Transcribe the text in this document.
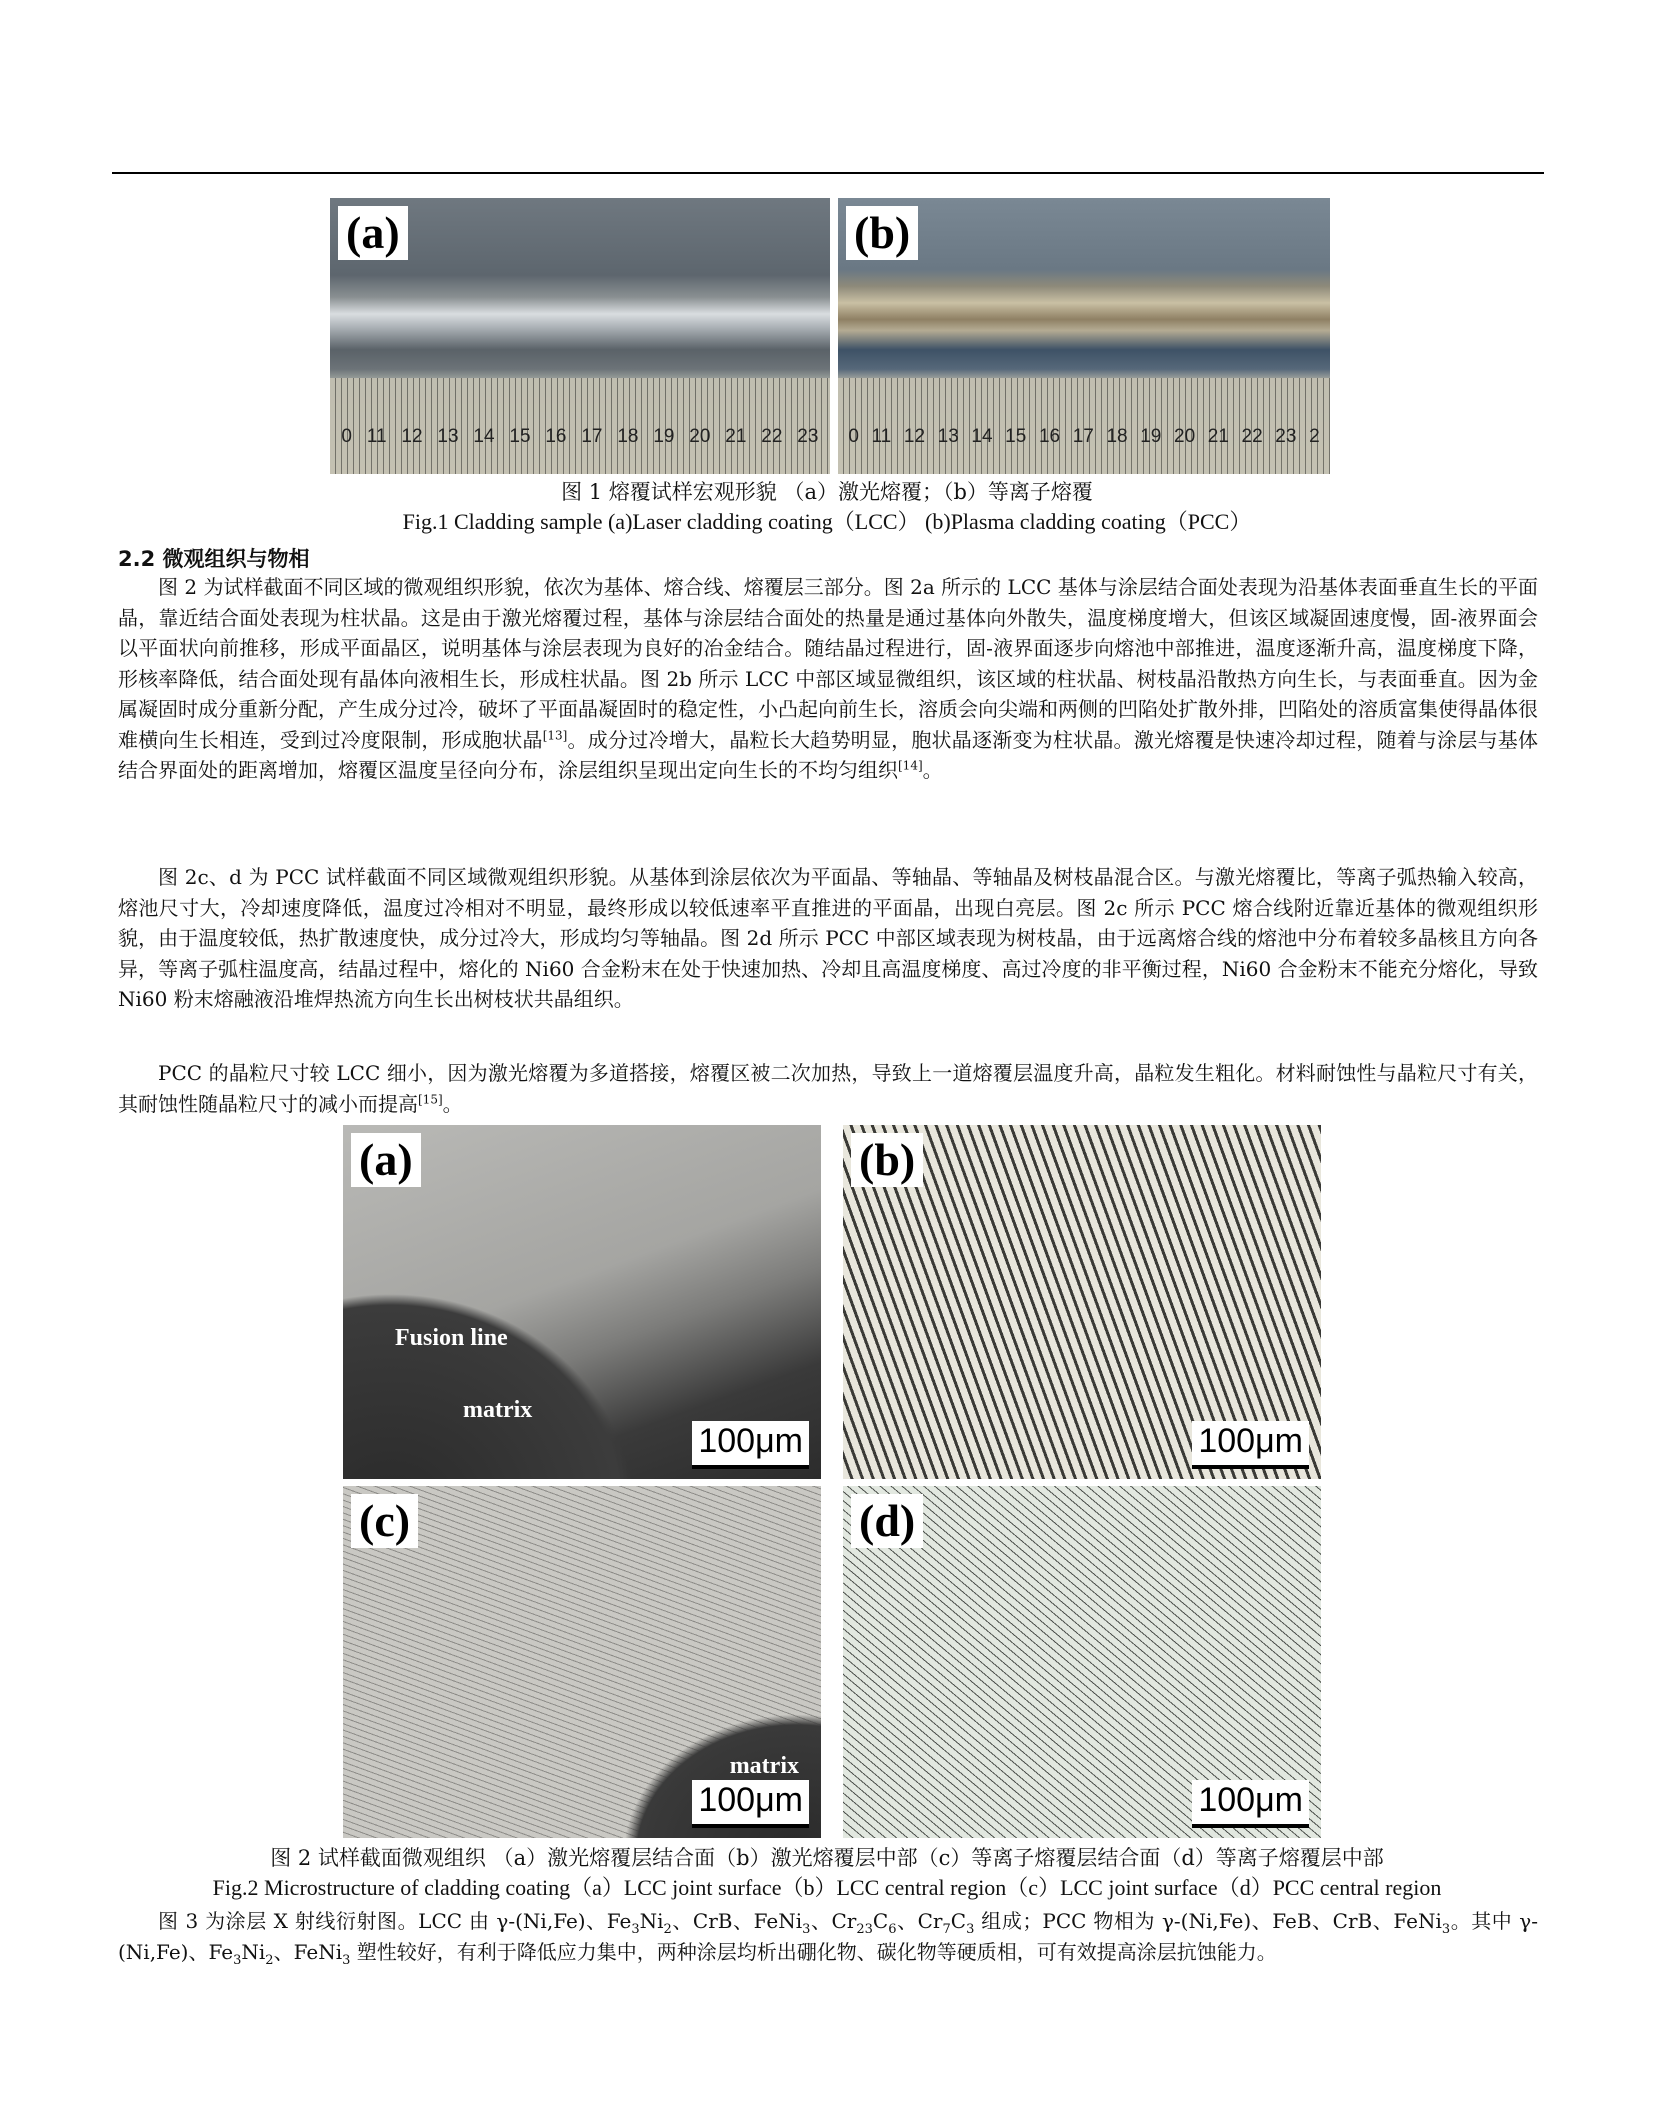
(a)
0 11 12 13 14 15 16 17 18 19 20 21 22 23
(b)
0 11 12 13 14 15 16 17 18 19 20 21 22 23 2
图 1 熔覆试样宏观形貌 （a）激光熔覆；（b）等离子熔覆
Fig.1 Cladding sample (a)Laser cladding coating（LCC） (b)Plasma cladding coating（PCC）
2.2 微观组织与物相

图 2 为试样截面不同区域的微观组织形貌，依次为基体、熔合线、熔覆层三部分。图 2a 所示的 LCC 基体与涂层结合面处表现为沿基体表面垂直生长的平面晶，靠近结合面处表现为柱状晶。这是由于激光熔覆过程，基体与涂层结合面处的热量是通过基体向外散失，温度梯度增大，但该区域凝固速度慢，固-液界面会以平面状向前推移，形成平面晶区，说明基体与涂层表现为良好的冶金结合。随结晶过程进行，固-液界面逐步向熔池中部推进，温度逐渐升高，温度梯度下降，形核率降低，结合面处现有晶体向液相生长，形成柱状晶。图 2b 所示 LCC 中部区域显微组织，该区域的柱状晶、树枝晶沿散热方向生长，与表面垂直。因为金属凝固时成分重新分配，产生成分过冷，破坏了平面晶凝固时的稳定性，小凸起向前生长，溶质会向尖端和两侧的凹陷处扩散外排，凹陷处的溶质富集使得晶体很难横向生长相连，受到过冷度限制，形成胞状晶[13]。成分过冷增大，晶粒长大趋势明显，胞状晶逐渐变为柱状晶。激光熔覆是快速冷却过程，随着与涂层与基体结合界面处的距离增加，熔覆区温度呈径向分布，涂层组织呈现出定向生长的不均匀组织[14]。

图 2c、d 为 PCC 试样截面不同区域微观组织形貌。从基体到涂层依次为平面晶、等轴晶、等轴晶及树枝晶混合区。与激光熔覆比，等离子弧热输入较高，熔池尺寸大，冷却速度降低，温度过冷相对不明显，最终形成以较低速率平直推进的平面晶，出现白亮层。图 2c 所示 PCC 熔合线附近靠近基体的微观组织形貌，由于温度较低，热扩散速度快，成分过冷大，形成均匀等轴晶。图 2d 所示 PCC 中部区域表现为树枝晶，由于远离熔合线的熔池中分布着较多晶核且方向各异，等离子弧柱温度高，结晶过程中，熔化的 Ni60 合金粉末在处于快速加热、冷却且高温度梯度、高过冷度的非平衡过程，Ni60 合金粉末不能充分熔化，导致 Ni60 粉末熔融液沿堆焊热流方向生长出树枝状共晶组织。

PCC 的晶粒尺寸较 LCC 细小，因为激光熔覆为多道搭接，熔覆区被二次加热，导致上一道熔覆层温度升高，晶粒发生粗化。材料耐蚀性与晶粒尺寸有关，其耐蚀性随晶粒尺寸的减小而提高[15]。

(a)
Fusion line
matrix
100μm
(b)
100μm
(c)
matrix
100μm
(d)
100μm
图 2 试样截面微观组织 （a）激光熔覆层结合面（b）激光熔覆层中部（c）等离子熔覆层结合面（d）等离子熔覆层中部
Fig.2 Microstructure of cladding coating（a）LCC joint surface（b）LCC central region（c）LCC joint surface（d）PCC central region

图 3 为涂层 X 射线衍射图。LCC 由 γ-(Ni,Fe)、$Fe_3Ni_2$、CrB、FeNi$_3$、$Cr_{23}C_6$、$Cr_7C_3$ 组成；PCC 物相为 γ-(Ni,Fe)、FeB、CrB、FeNi$_3$。其中 γ-(Ni,Fe)、$Fe_3Ni_2$、FeNi$_3$ 塑性较好，有利于降低应力集中，两种涂层均析出硼化物、碳化物等硬质相，可有效提高涂层抗蚀能力。
